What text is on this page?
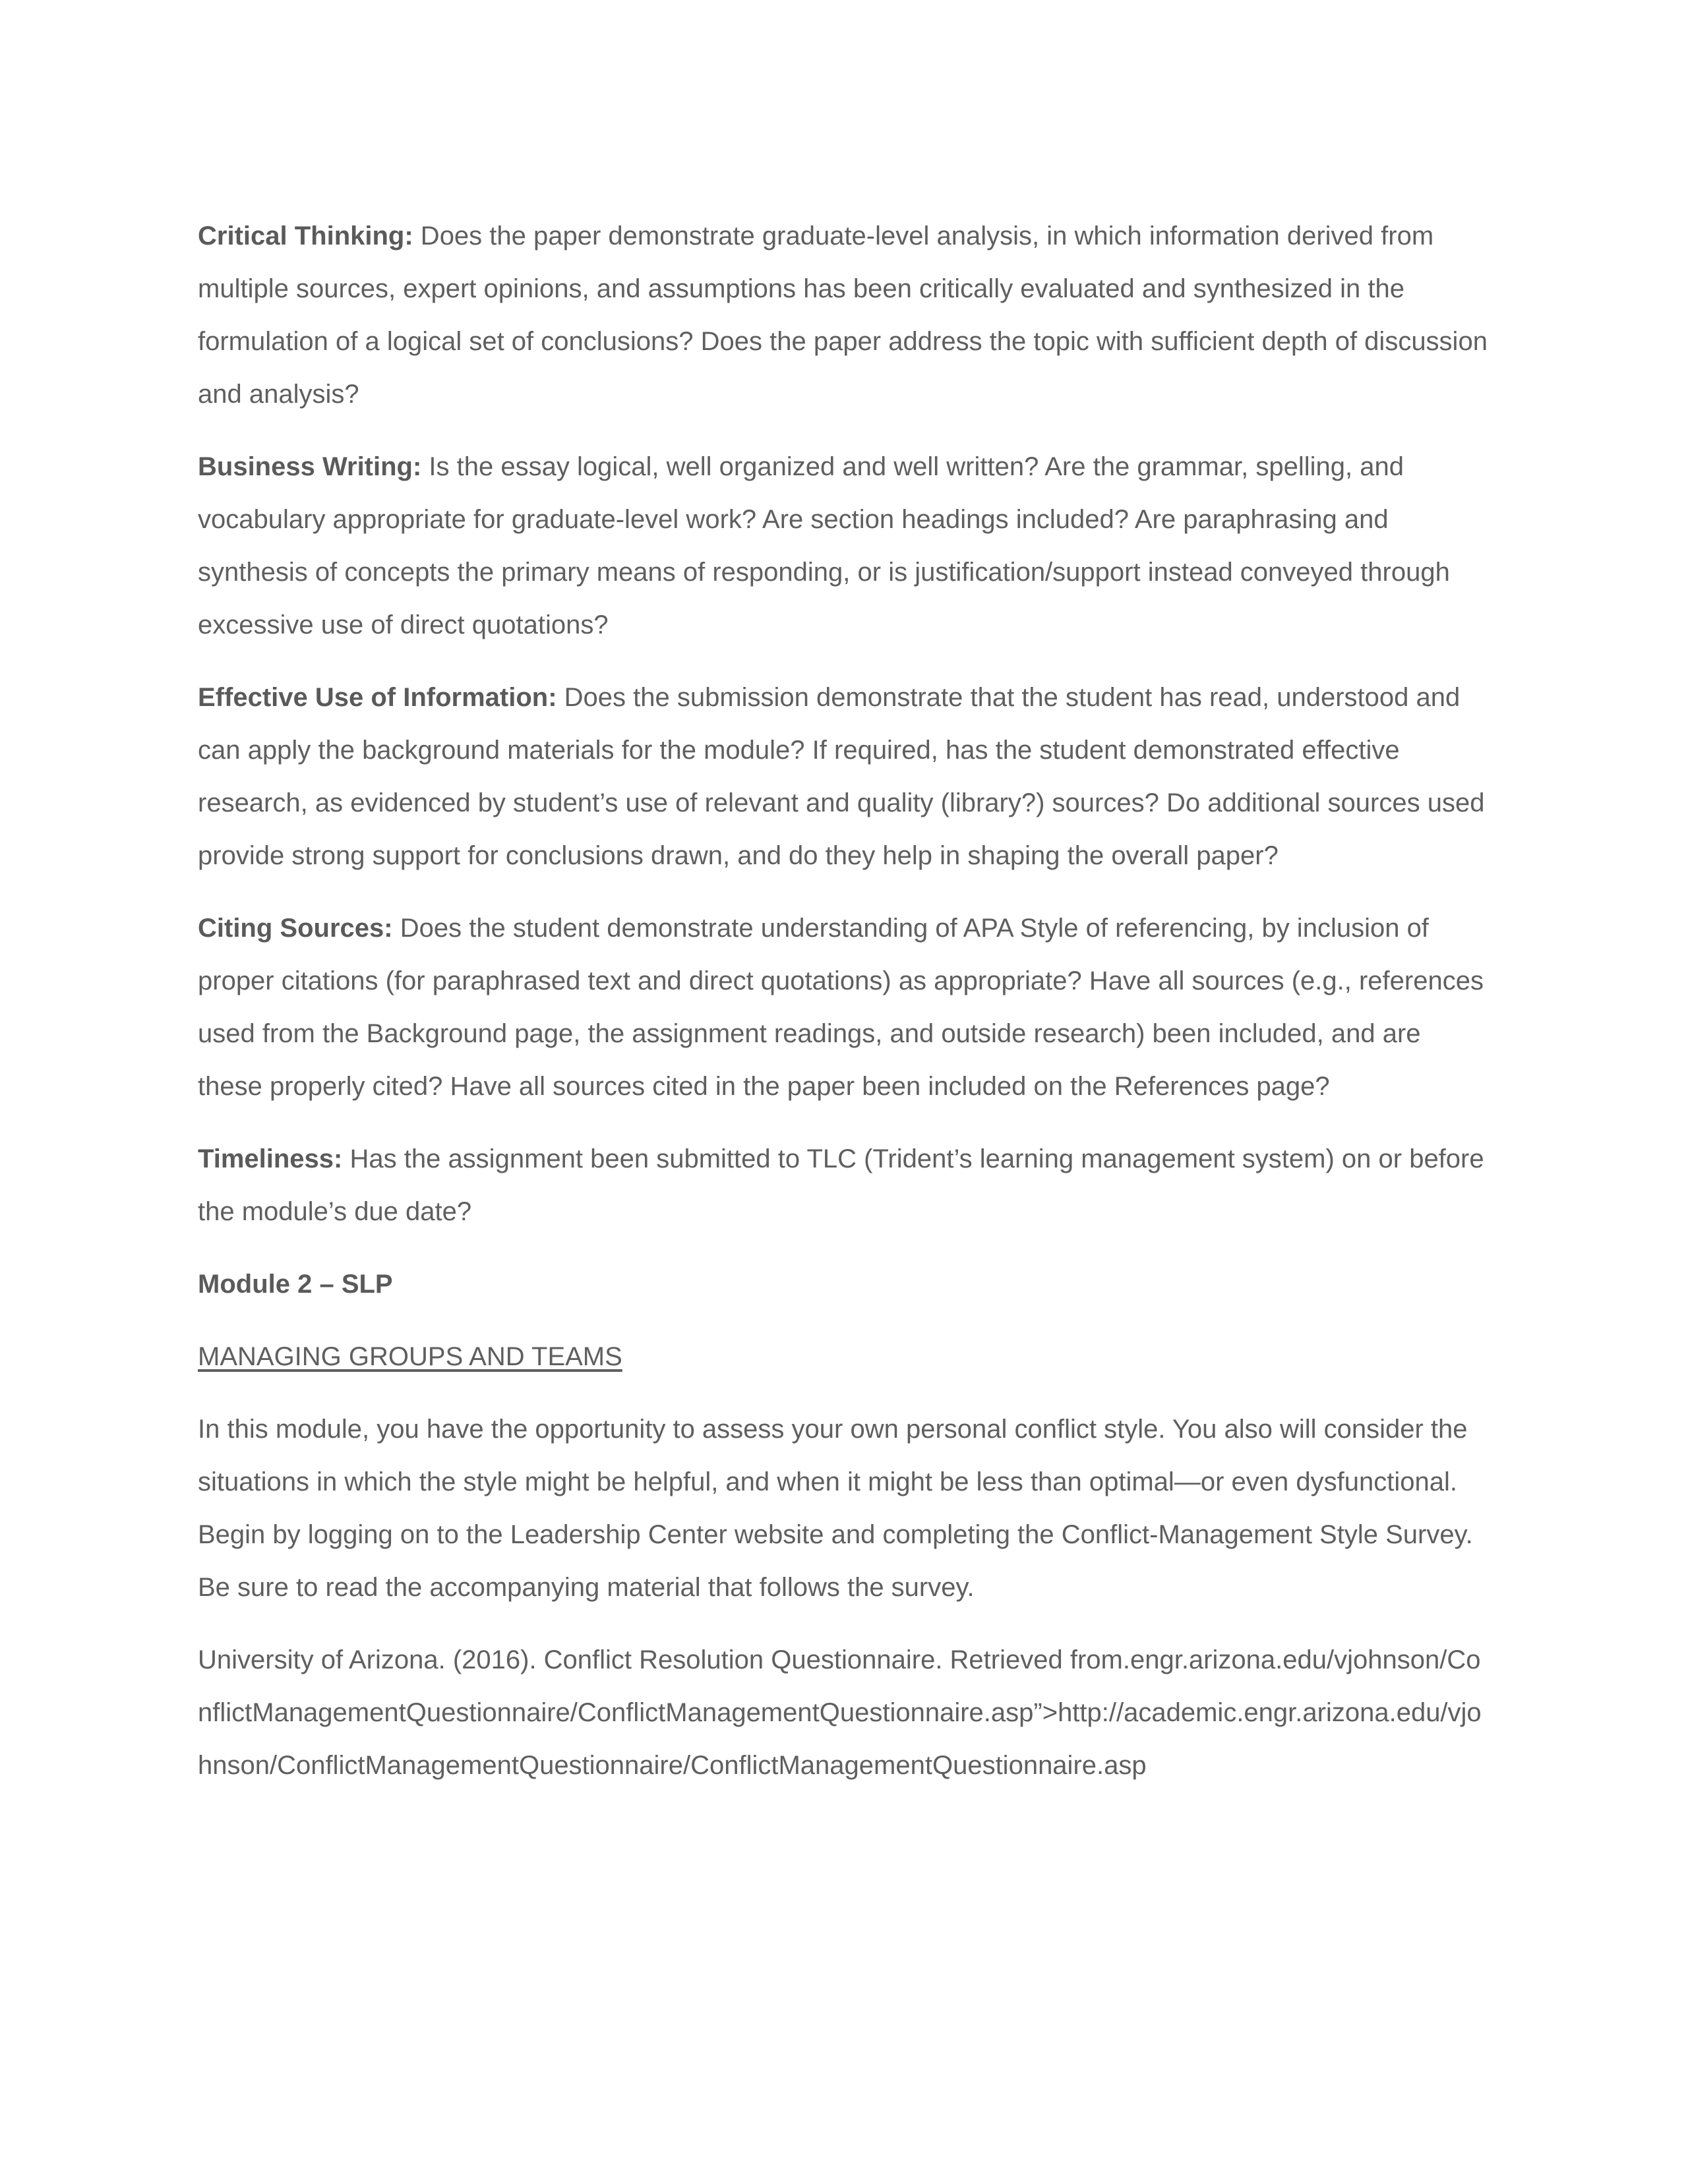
Critical Thinking: Does the paper demonstrate graduate-level analysis, in which information derived from multiple sources, expert opinions, and assumptions has been critically evaluated and synthesized in the formulation of a logical set of conclusions? Does the paper address the topic with sufficient depth of discussion and analysis?

Business Writing: Is the essay logical, well organized and well written? Are the grammar, spelling, and vocabulary appropriate for graduate-level work? Are section headings included? Are paraphrasing and synthesis of concepts the primary means of responding, or is justification/support instead conveyed through excessive use of direct quotations?

Effective Use of Information: Does the submission demonstrate that the student has read, understood and can apply the background materials for the module? If required, has the student demonstrated effective research, as evidenced by student’s use of relevant and quality (library?) sources? Do additional sources used provide strong support for conclusions drawn, and do they help in shaping the overall paper?

Citing Sources: Does the student demonstrate understanding of APA Style of referencing, by inclusion of proper citations (for paraphrased text and direct quotations) as appropriate? Have all sources (e.g., references used from the Background page, the assignment readings, and outside research) been included, and are these properly cited? Have all sources cited in the paper been included on the References page?

Timeliness: Has the assignment been submitted to TLC (Trident’s learning management system) on or before the module’s due date?

Module 2 – SLP

MANAGING GROUPS AND TEAMS

In this module, you have the opportunity to assess your own personal conflict style. You also will consider the situations in which the style might be helpful, and when it might be less than optimal—or even dysfunctional. Begin by logging on to the Leadership Center website and completing the Conflict-Management Style Survey. Be sure to read the accompanying material that follows the survey.

University of Arizona. (2016). Conflict Resolution Questionnaire. Retrieved from.engr.arizona.edu/vjohnson/ConflictManagementQuestionnaire/ConflictManagementQuestionnaire.asp”>http://academic.engr.arizona.edu/vjohnson/ConflictManagementQuestionnaire/ConflictManagementQuestionnaire.asp
